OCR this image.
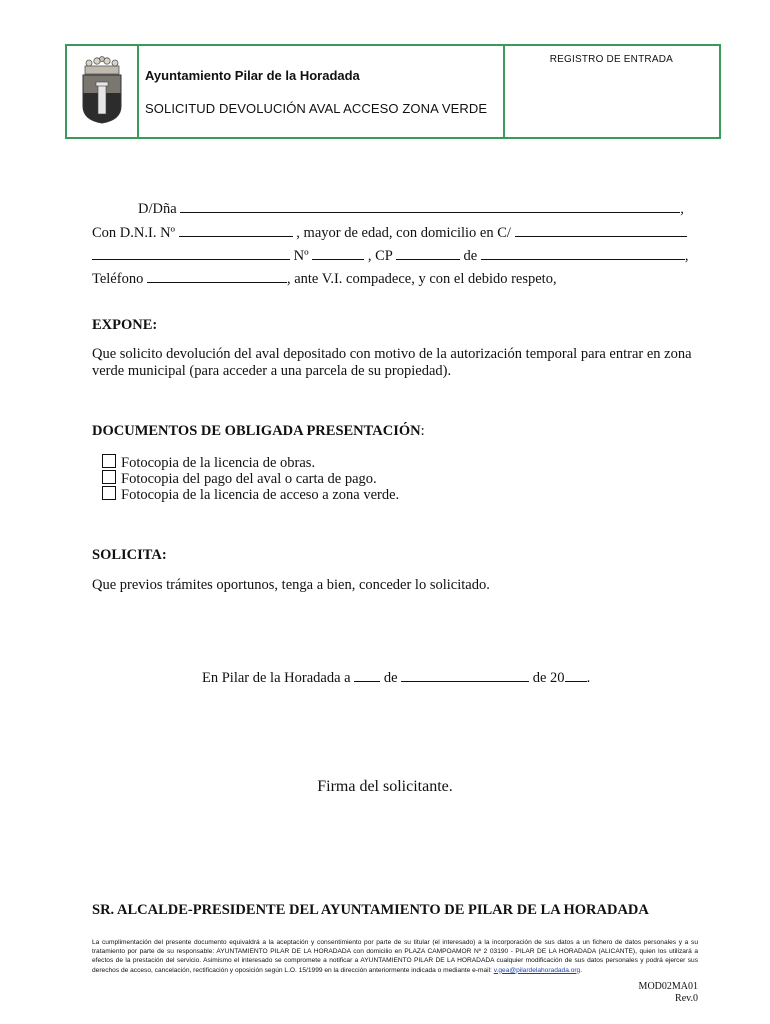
Ayuntamiento Pilar de la Horadada
SOLICITUD DEVOLUCIÓN AVAL ACCESO ZONA VERDE
REGISTRO DE ENTRADA
D/Dña	,
Con D.N.I. Nº	, mayor de edad, con domicilio en C/
Nº	, CP	de	,
Teléfono	, ante V.I. compadece, y con el debido respeto,
EXPONE:
Que solicito devolución del aval depositado con motivo de la autorización temporal para entrar en zona verde municipal (para acceder a una parcela de su propiedad).
DOCUMENTOS DE OBLIGADA PRESENTACIÓN:
Fotocopia de la licencia de obras.
Fotocopia del pago del aval o carta de pago.
Fotocopia de la licencia de acceso a zona verde.
SOLICITA:
Que previos trámites oportunos, tenga a bien, conceder lo solicitado.
En Pilar de la Horadada a de	de 20 .
Firma del solicitante.
SR. ALCALDE-PRESIDENTE DEL AYUNTAMIENTO DE PILAR DE LA HORADADA
La cumplimentación del presente documento equivaldrá a la aceptación y consentimiento por parte de su titular (el interesado) a la incorporación de sus datos a un fichero de datos personales y a su tratamiento por parte de su responsable: AYUNTAMIENTO PILAR DE LA HORADADA con domicilio en PLAZA CAMPOAMOR Nº 2 03190 - PILAR DE LA HORADADA (ALICANTE), quien los utilizará a efectos de la prestación del servicio. Asimismo el interesado se compromete a notificar a AYUNTAMIENTO PILAR DE LA HORADADA cualquier modificación de sus datos personales y podrá ejercer sus derechos de acceso, cancelación, rectificación y oposición según L.O. 15/1999 en la dirección anteriormente indicada o mediante e-mail: v.gea@pilardelahoradada.org.
MOD02MA01
Rev.0
